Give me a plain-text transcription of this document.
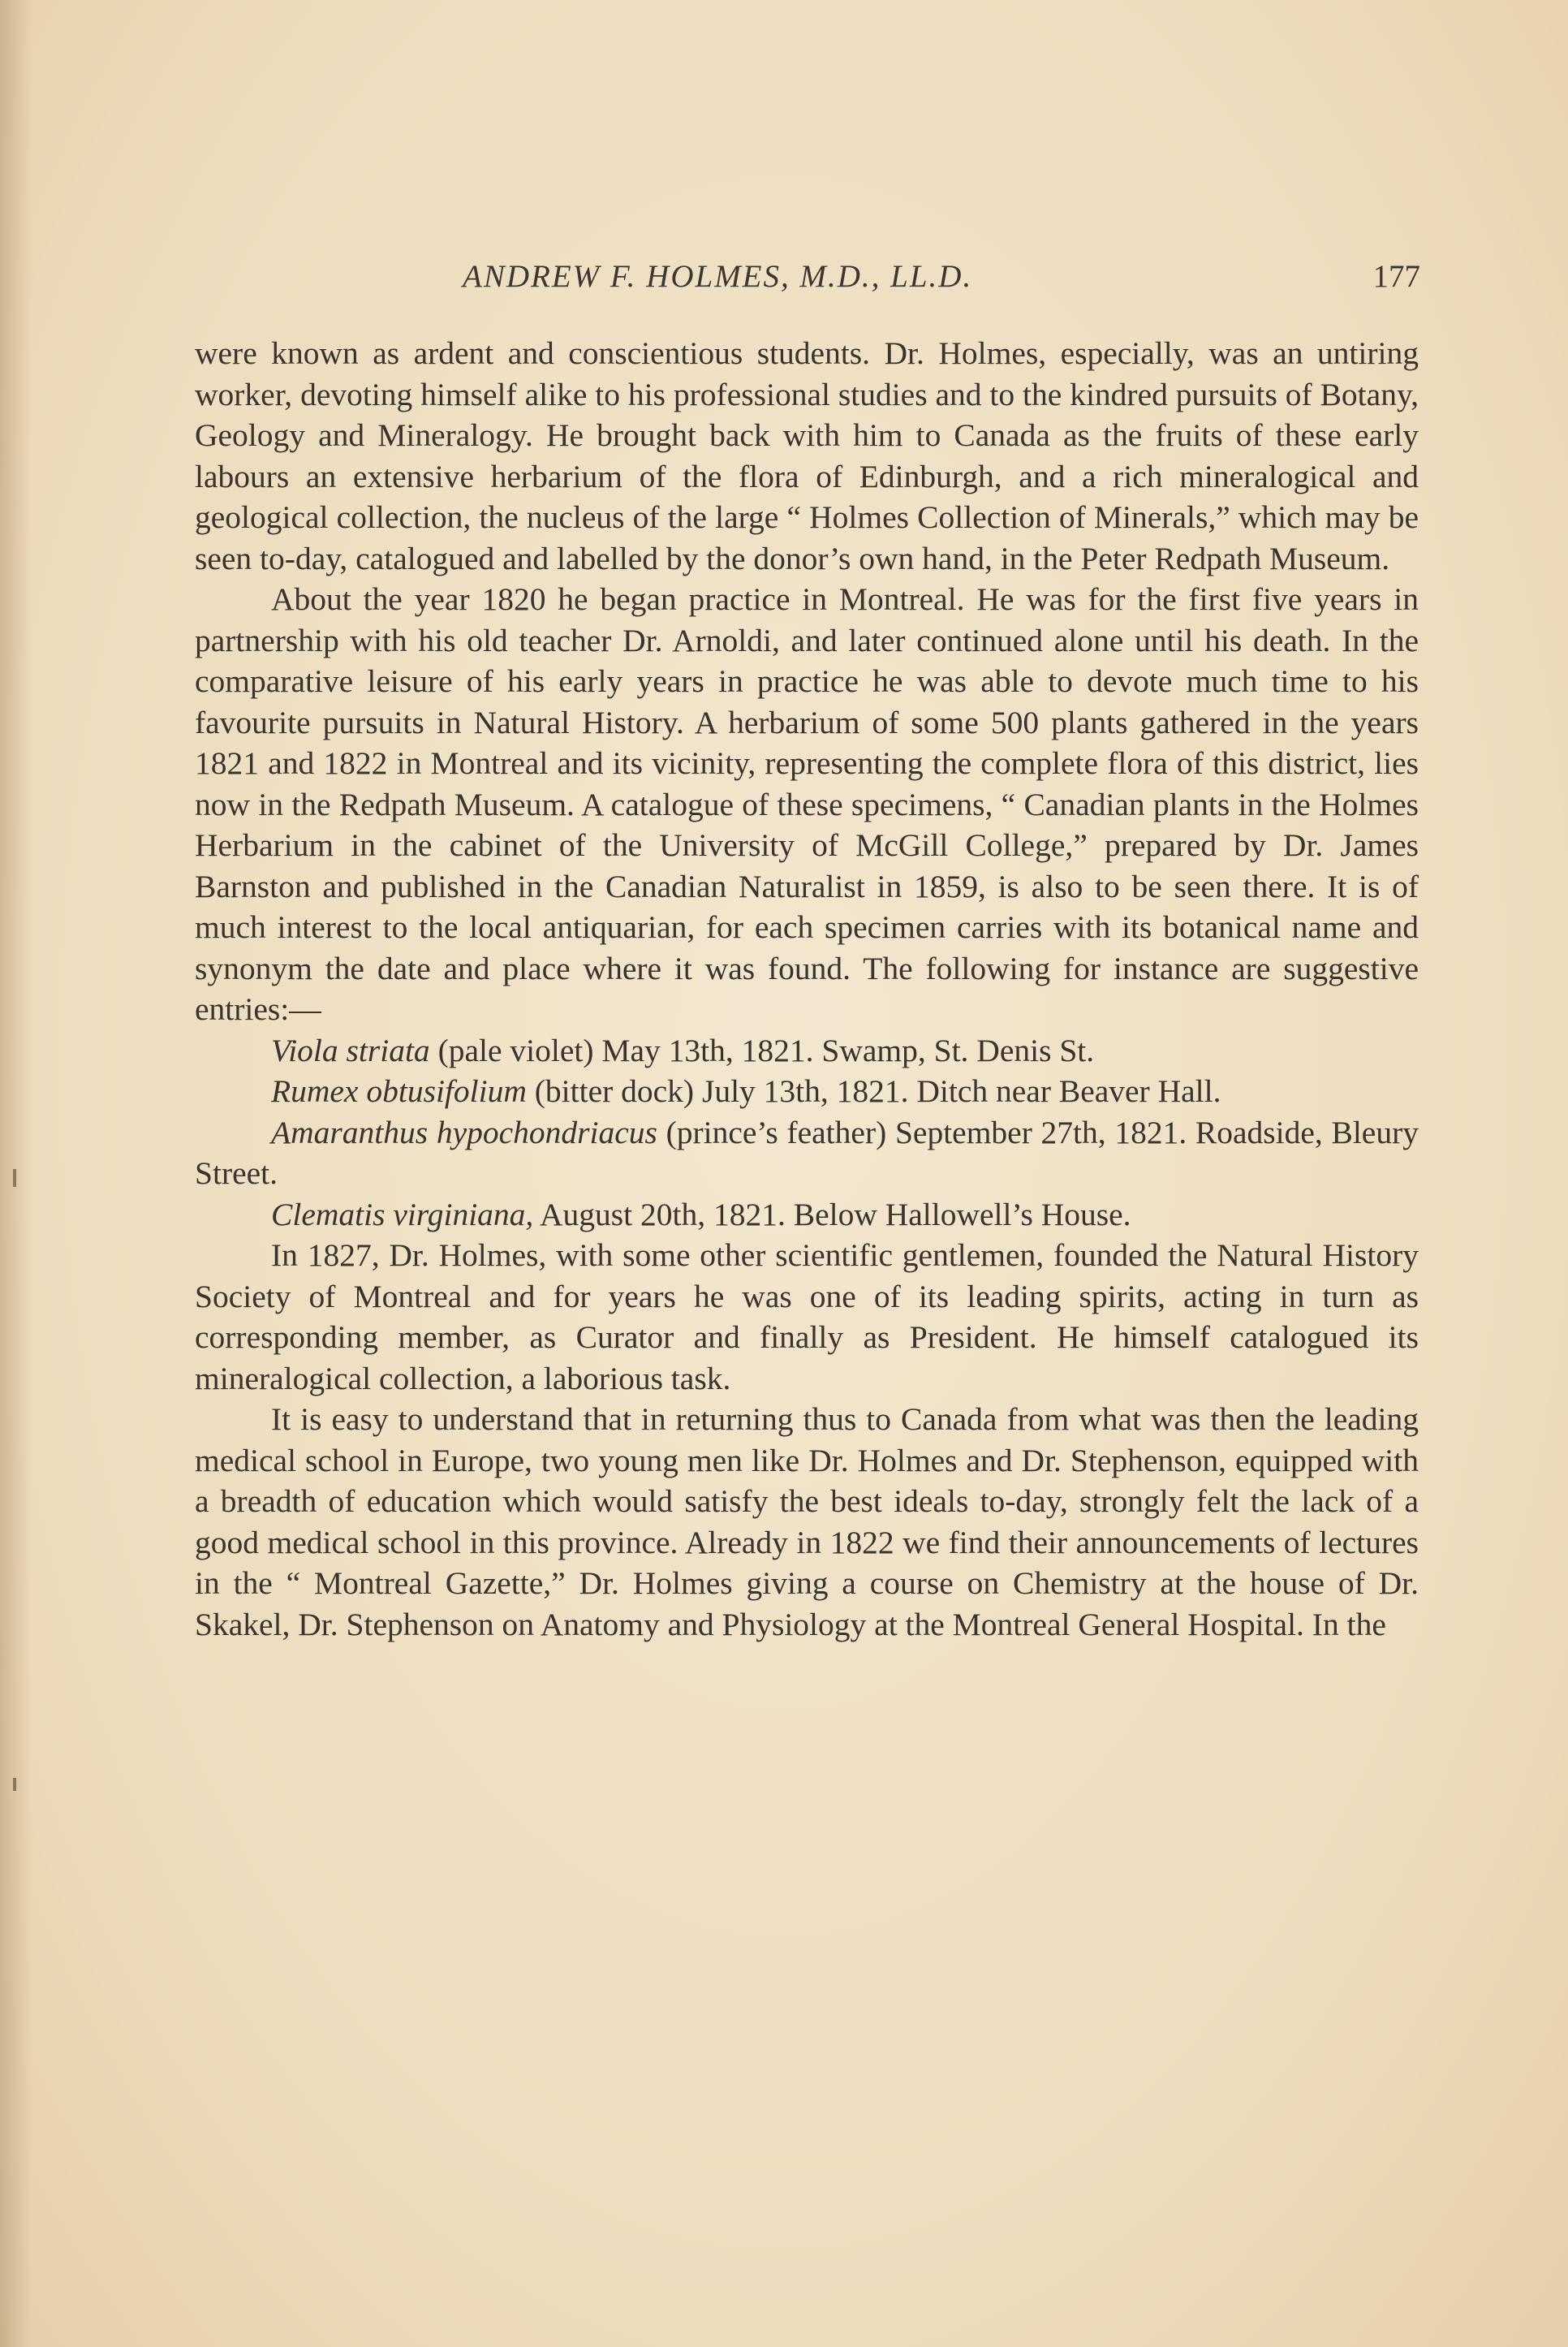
ANDREW F. HOLMES, M.D., LL.D.	177

were known as ardent and conscientious students. Dr. Holmes, especially, was an untiring worker, devoting himself alike to his professional studies and to the kindred pursuits of Botany, Geology and Mineralogy. He brought back with him to Canada as the fruits of these early labours an extensive herbarium of the flora of Edinburgh, and a rich mineralogical and geological collection, the nucleus of the large “ Holmes Collection of Minerals,” which may be seen to-day, catalogued and labelled by the donor’s own hand, in the Peter Redpath Museum.

About the year 1820 he began practice in Montreal. He was for the first five years in partnership with his old teacher Dr. Arnoldi, and later continued alone until his death. In the comparative leisure of his early years in practice he was able to devote much time to his favourite pursuits in Natural History. A herbarium of some 500 plants gathered in the years 1821 and 1822 in Montreal and its vicinity, representing the complete flora of this district, lies now in the Redpath Museum. A catalogue of these specimens, “ Canadian plants in the Holmes Herbarium in the cabinet of the University of McGill College,” prepared by Dr. James Barnston and published in the Canadian Naturalist in 1859, is also to be seen there. It is of much interest to the local antiquarian, for each specimen carries with its botanical name and synonym the date and place where it was found. The following for instance are suggestive entries:—

Viola striata (pale violet) May 13th, 1821. Swamp, St. Denis St.

Rumex obtusifolium (bitter dock) July 13th, 1821. Ditch near Beaver Hall.

Amaranthus hypochondriacus (prince’s feather) September 27th, 1821. Roadside, Bleury Street.

Clematis virginiana, August 20th, 1821. Below Hallowell’s House.

In 1827, Dr. Holmes, with some other scientific gentlemen, founded the Natural History Society of Montreal and for years he was one of its leading spirits, acting in turn as corresponding member, as Curator and finally as President. He himself catalogued its mineralogical collection, a laborious task.

It is easy to understand that in returning thus to Canada from what was then the leading medical school in Europe, two young men like Dr. Holmes and Dr. Stephenson, equipped with a breadth of education which would satisfy the best ideals to-day, strongly felt the lack of a good medical school in this province. Already in 1822 we find their announcements of lectures in the “ Montreal Gazette,” Dr. Holmes giving a course on Chemistry at the house of Dr. Skakel, Dr. Stephenson on Anatomy and Physiology at the Montreal General Hospital. In the
